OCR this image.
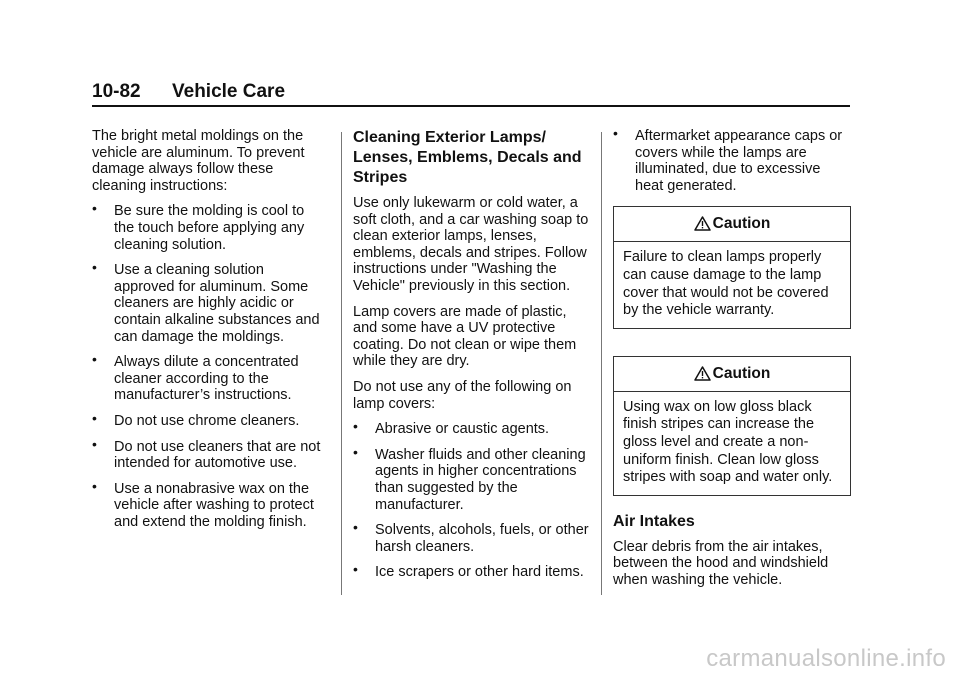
10-82 Vehicle Care

The bright metal moldings on the vehicle are aluminum. To prevent damage always follow these cleaning instructions:

• Be sure the molding is cool to the touch before applying any cleaning solution.
• Use a cleaning solution approved for aluminum. Some cleaners are highly acidic or contain alkaline substances and can damage the moldings.
• Always dilute a concentrated cleaner according to the manufacturer’s instructions.
• Do not use chrome cleaners.
• Do not use cleaners that are not intended for automotive use.
• Use a nonabrasive wax on the vehicle after washing to protect and extend the molding finish.
Cleaning Exterior Lamps/ Lenses, Emblems, Decals and Stripes

Use only lukewarm or cold water, a soft cloth, and a car washing soap to clean exterior lamps, lenses, emblems, decals and stripes. Follow instructions under "Washing the Vehicle" previously in this section.

Lamp covers are made of plastic, and some have a UV protective coating. Do not clean or wipe them while they are dry.

Do not use any of the following on lamp covers:

• Abrasive or caustic agents.
• Washer fluids and other cleaning agents in higher concentrations than suggested by the manufacturer.
• Solvents, alcohols, fuels, or other harsh cleaners.
• Ice scrapers or other hard items.
• Aftermarket appearance caps or covers while the lamps are illuminated, due to excessive heat generated.
Caution
Failure to clean lamps properly can cause damage to the lamp cover that would not be covered by the vehicle warranty.
Caution
Using wax on low gloss black finish stripes can increase the gloss level and create a non-uniform finish. Clean low gloss stripes with soap and water only.
Air Intakes

Clear debris from the air intakes, between the hood and windshield when washing the vehicle.

carmanualsonline.info
